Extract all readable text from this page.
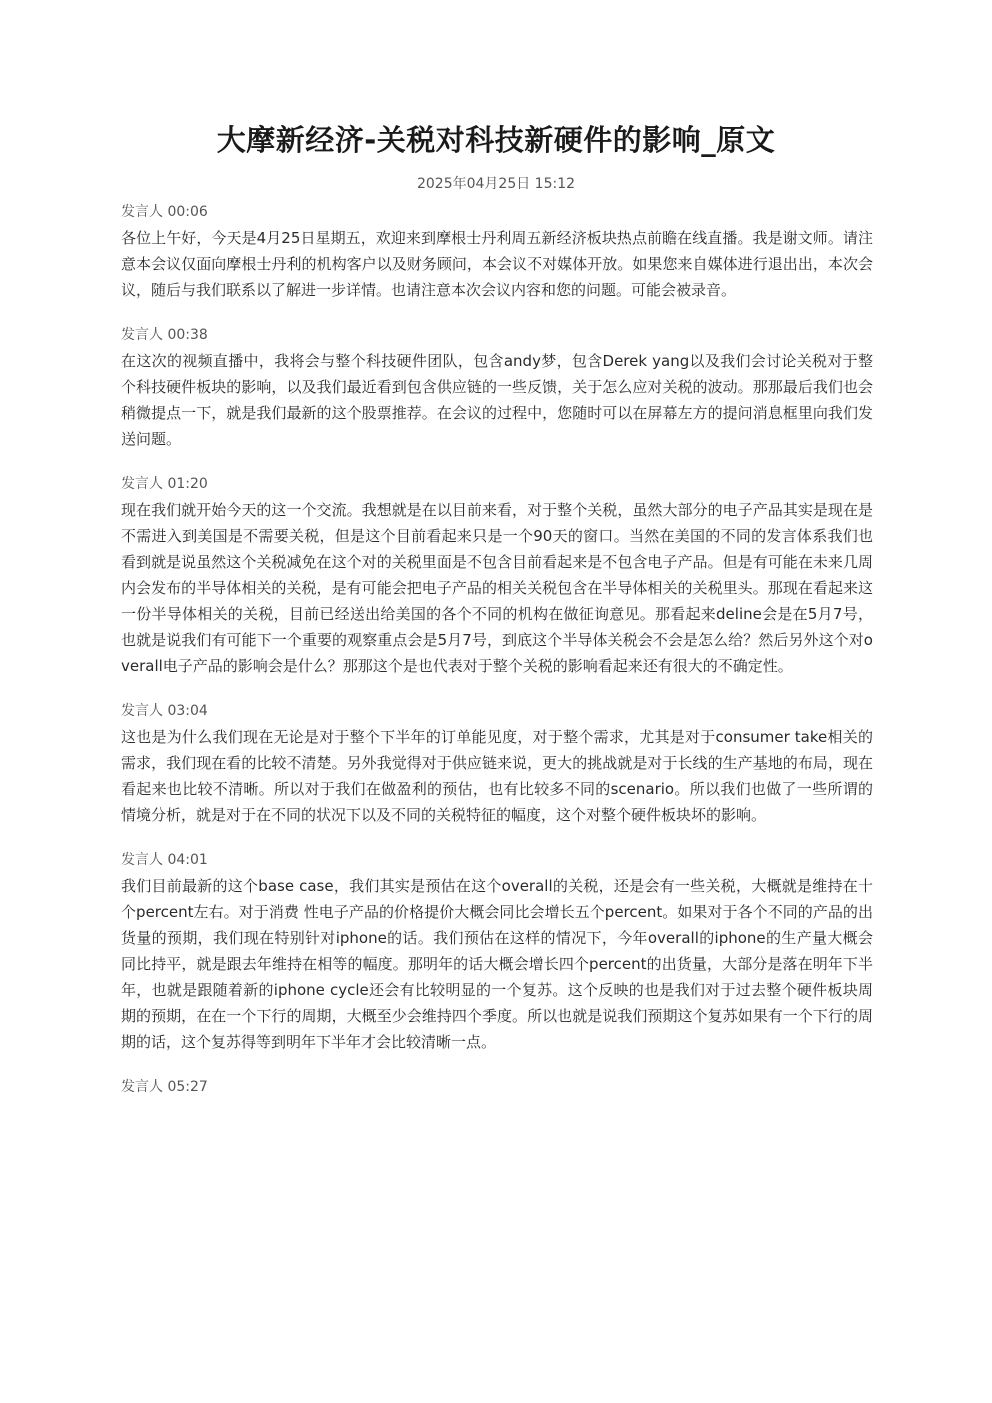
大摩新经济-关税对科技新硬件的影响_原文
2025年04月25日 15:12
发言人 00:06

各位上午好，今天是4月25日星期五，欢迎来到摩根士丹利周五新经济板块热点前瞻在线直播。我是谢文师。请注意本会议仅面向摩根士丹利的机构客户以及财务顾问，本会议不对媒体开放。如果您来自媒体进行退出出，本次会议，随后与我们联系以了解进一步详情。也请注意本次会议内容和您的问题。可能会被录音。

发言人 00:38

在这次的视频直播中，我将会与整个科技硬件团队，包含andy梦，包含Derek yang以及我们会讨论关税对于整个科技硬件板块的影响，以及我们最近看到包含供应链的一些反馈，关于怎么应对关税的波动。那那最后我们也会稍微提点一下，就是我们最新的这个股票推荐。在会议的过程中，您随时可以在屏幕左方的提问消息框里向我们发送问题。

发言人 01:20

现在我们就开始今天的这一个交流。我想就是在以目前来看，对于整个关税，虽然大部分的电子产品其实是现在是不需进入到美国是不需要关税，但是这个目前看起来只是一个90天的窗口。当然在美国的不同的发言体系我们也看到就是说虽然这个关税减免在这个对的关税里面是不包含目前看起来是不包含电子产品。但是有可能在未来几周内会发布的半导体相关的关税，是有可能会把电子产品的相关关税包含在半导体相关的关税里头。那现在看起来这一份半导体相关的关税，目前已经送出给美国的各个不同的机构在做征询意见。那看起来deline会是在5月7号，也就是说我们有可能下一个重要的观察重点会是5月7号，到底这个半导体关税会不会是怎么给？然后另外这个对overall电子产品的影响会是什么？那那这个是也代表对于整个关税的影响看起来还有很大的不确定性。

发言人 03:04

这也是为什么我们现在无论是对于整个下半年的订单能见度，对于整个需求，尤其是对于consumer take相关的需求，我们现在看的比较不清楚。另外我觉得对于供应链来说，更大的挑战就是对于长线的生产基地的布局，现在看起来也比较不清晰。所以对于我们在做盈利的预估，也有比较多不同的scenario。所以我们也做了一些所谓的情境分析，就是对于在不同的状况下以及不同的关税特征的幅度，这个对整个硬件板块坏的影响。

发言人 04:01

我们目前最新的这个base case，我们其实是预估在这个overall的关税，还是会有一些关税，大概就是维持在十个percent左右。对于消费 性电子产品的价格提价大概会同比会增长五个percent。如果对于各个不同的产品的出货量的预期，我们现在特别针对iphone的话。我们预估在这样的情况下，今年overall的iphone的生产量大概会同比持平，就是跟去年维持在相等的幅度。那明年的话大概会增长四个percent的出货量，大部分是落在明年下半年，也就是跟随着新的iphone cycle还会有比较明显的一个复苏。这个反映的也是我们对于过去整个硬件板块周期的预期，在在一个下行的周期，大概至少会维持四个季度。所以也就是说我们预期这个复苏如果有一个下行的周期的话，这个复苏得等到明年下半年才会比较清晰一点。

发言人 05:27
